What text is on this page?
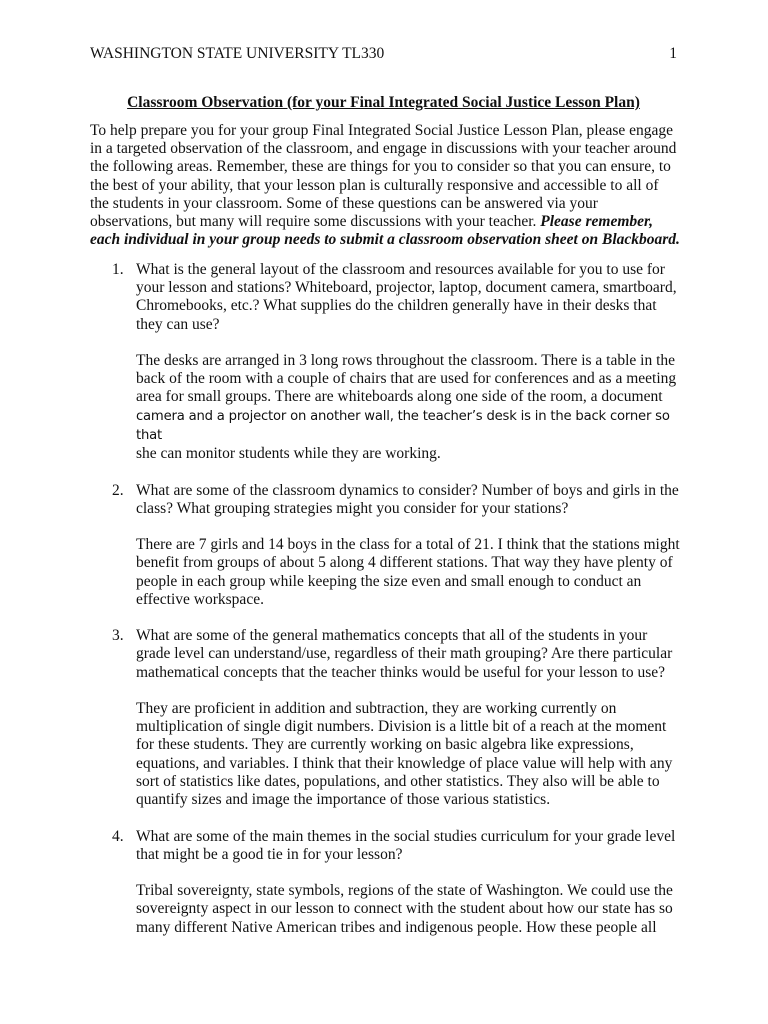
WASHINGTON STATE UNIVERSITY TL330	1
Classroom Observation (for your Final Integrated Social Justice Lesson Plan)

To help prepare you for your group Final Integrated Social Justice Lesson Plan, please engage in a targeted observation of the classroom, and engage in discussions with your teacher around the following areas. Remember, these are things for you to consider so that you can ensure, to the best of your ability, that your lesson plan is culturally responsive and accessible to all of the students in your classroom. Some of these questions can be answered via your observations, but many will require some discussions with your teacher. Please remember, each individual in your group needs to submit a classroom observation sheet on Blackboard.

1. What is the general layout of the classroom and resources available for you to use for your lesson and stations? Whiteboard, projector, laptop, document camera, smartboard, Chromebooks, etc.? What supplies do the children generally have in their desks that they can use?

The desks are arranged in 3 long rows throughout the classroom. There is a table in the back of the room with a couple of chairs that are used for conferences and as a meeting area for small groups. There are whiteboards along one side of the room, a document
camera and a projector on another wall, the teacher’s desk is in the back corner so that
she can monitor students while they are working.

2. What are some of the classroom dynamics to consider? Number of boys and girls in the class? What grouping strategies might you consider for your stations?

There are 7 girls and 14 boys in the class for a total of 21. I think that the stations might benefit from groups of about 5 along 4 different stations. That way they have plenty of people in each group while keeping the size even and small enough to conduct an effective workspace.

3. What are some of the general mathematics concepts that all of the students in your grade level can understand/use, regardless of their math grouping? Are there particular mathematical concepts that the teacher thinks would be useful for your lesson to use?

They are proficient in addition and subtraction, they are working currently on multiplication of single digit numbers. Division is a little bit of a reach at the moment for these students. They are currently working on basic algebra like expressions, equations, and variables. I think that their knowledge of place value will help with any sort of statistics like dates, populations, and other statistics. They also will be able to quantify sizes and image the importance of those various statistics.

4. What are some of the main themes in the social studies curriculum for your grade level that might be a good tie in for your lesson?

Tribal sovereignty, state symbols, regions of the state of Washington. We could use the sovereignty aspect in our lesson to connect with the student about how our state has so many different Native American tribes and indigenous people. How these people all
